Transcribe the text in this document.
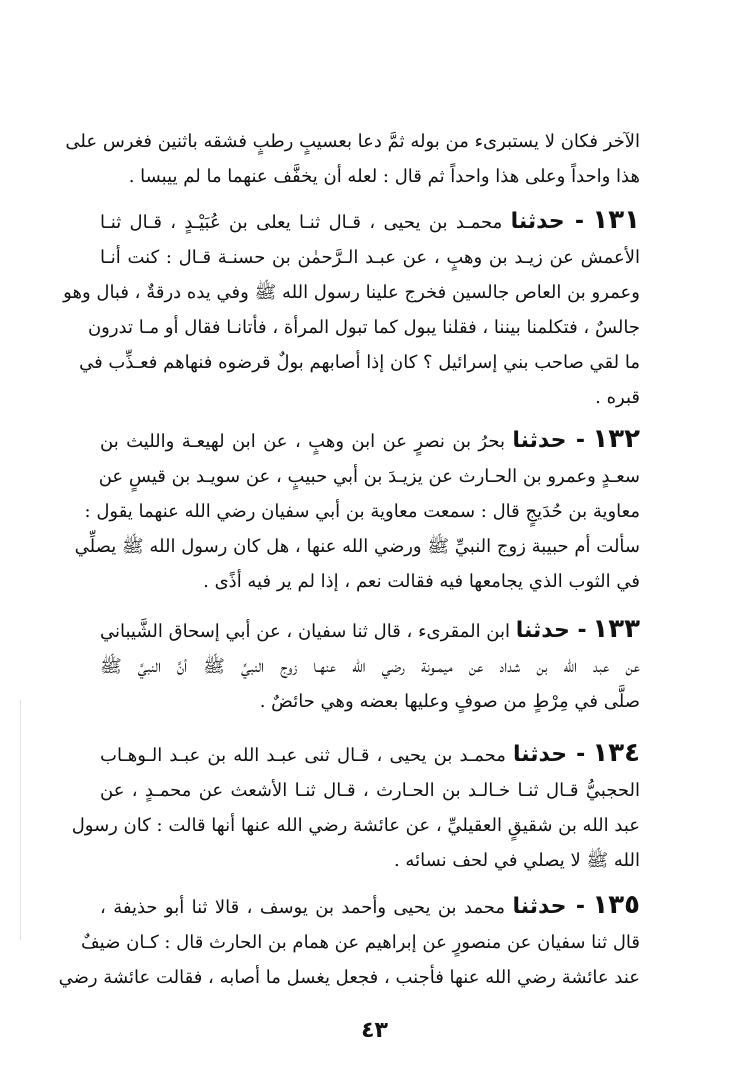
الآخر فكان لا يستبرىء من بوله ثمَّ دعا بعسيبٍ رطبٍ فشقه باثنين فغرس على
هذا واحداً وعلى هذا واحداً ثم قال : لعله أن يخفَّف عنهما ما لم ييبسا .
١٣١ - حدثنا محمـد بن يحيى ، قـال ثنـا يعلى بن عُبَيْـدٍ ، قـال ثنـا
الأعمش عن زيـد بن وهبٍ ، عن عبـد الـرَّحمٰن بن حسنـة قـال : كنت أنـا
وعمرو بن العاص جالسين فخرج علينا رسول الله ﷺ وفي يده درقةٌ ، فبال وهو
جالسٌ ، فتكلمنا بيننا ، فقلنا يبول كما تبول المرأة ، فأتانـا فقال أو مـا تدرون
ما لقي صاحب بني إسرائيل ؟ كان إذا أصابهم بولٌ قرضوه فنهاهم فعـذِّب في
قبره .
١٣٢ - حدثنا بحرُ بن نصرٍ عن ابن وهبٍ ، عن ابن لهيعـة والليث بن
سعـدٍ وعمرو بن الحـارث عن يزيـدَ بن أبي حبيبٍ ، عن سويـد بن قيسٍ عن
معاوية بن حُدَيجٍ قال : سمعت معاوية بن أبي سفيان رضي الله عنهما يقول :
سألت أم حبيبة زوج النبيِّ ﷺ ورضي الله عنها ، هل كان رسول الله ﷺ يصلِّي
في الثوب الذي يجامعها فيه فقالت نعم ، إذا لم ير فيه أذًى .
١٣٣ - حدثنا ابن المقرىء ، قال ثنا سفيان ، عن أبي إسحاق الشَّيباني
عن عبد الله بن شداد عن ميمـونة رضي الله عنهـا زوج النبيِّ ﷺ أنَّ النبيَّ ﷺ
صلَّى في مِرْطٍ من صوفٍ وعليها بعضه وهي حائضٌ .
١٣٤ - حدثنا محمـد بن يحيى ، قـال ثنى عبـد الله بن عبـد الـوهـاب
الحجبيُّ قـال ثنـا خـالـد بن الحـارث ، قـال ثنـا الأشعث عن محمـدٍ ، عن
عبد الله بن شقيقٍ العقيليِّ ، عن عائشة رضي الله عنها أنها قالت : كان رسول
الله ﷺ لا يصلي في لحف نسائه .
١٣٥ - حدثنا محمد بن يحيى وأحمد بن يوسف ، قالا ثنا أبو حذيفة ،
قال ثنا سفيان عن منصورٍ عن إبراهيم عن همام بن الحارث قال : كـان ضيفٌ
عند عائشة رضي الله عنها فأجنب ، فجعل يغسل ما أصابه ، فقالت عائشة رضي
٤٣
